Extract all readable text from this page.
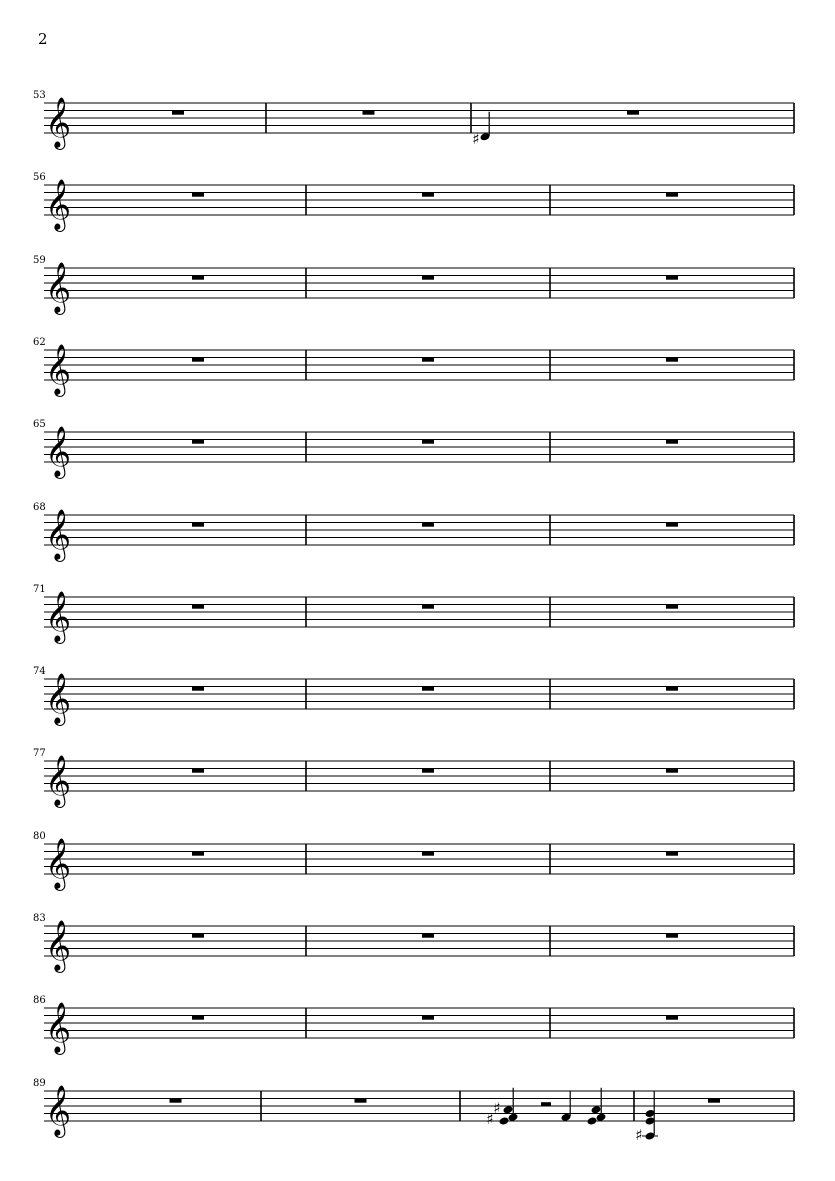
2
53
𝄞	♯
56
𝄞
59
𝄞
62
𝄞
65
𝄞
68
𝄞
71
𝄞
74
𝄞
77
𝄞
80
𝄞
83
𝄞
86
𝄞
89
𝄞	♯
♯
♯
